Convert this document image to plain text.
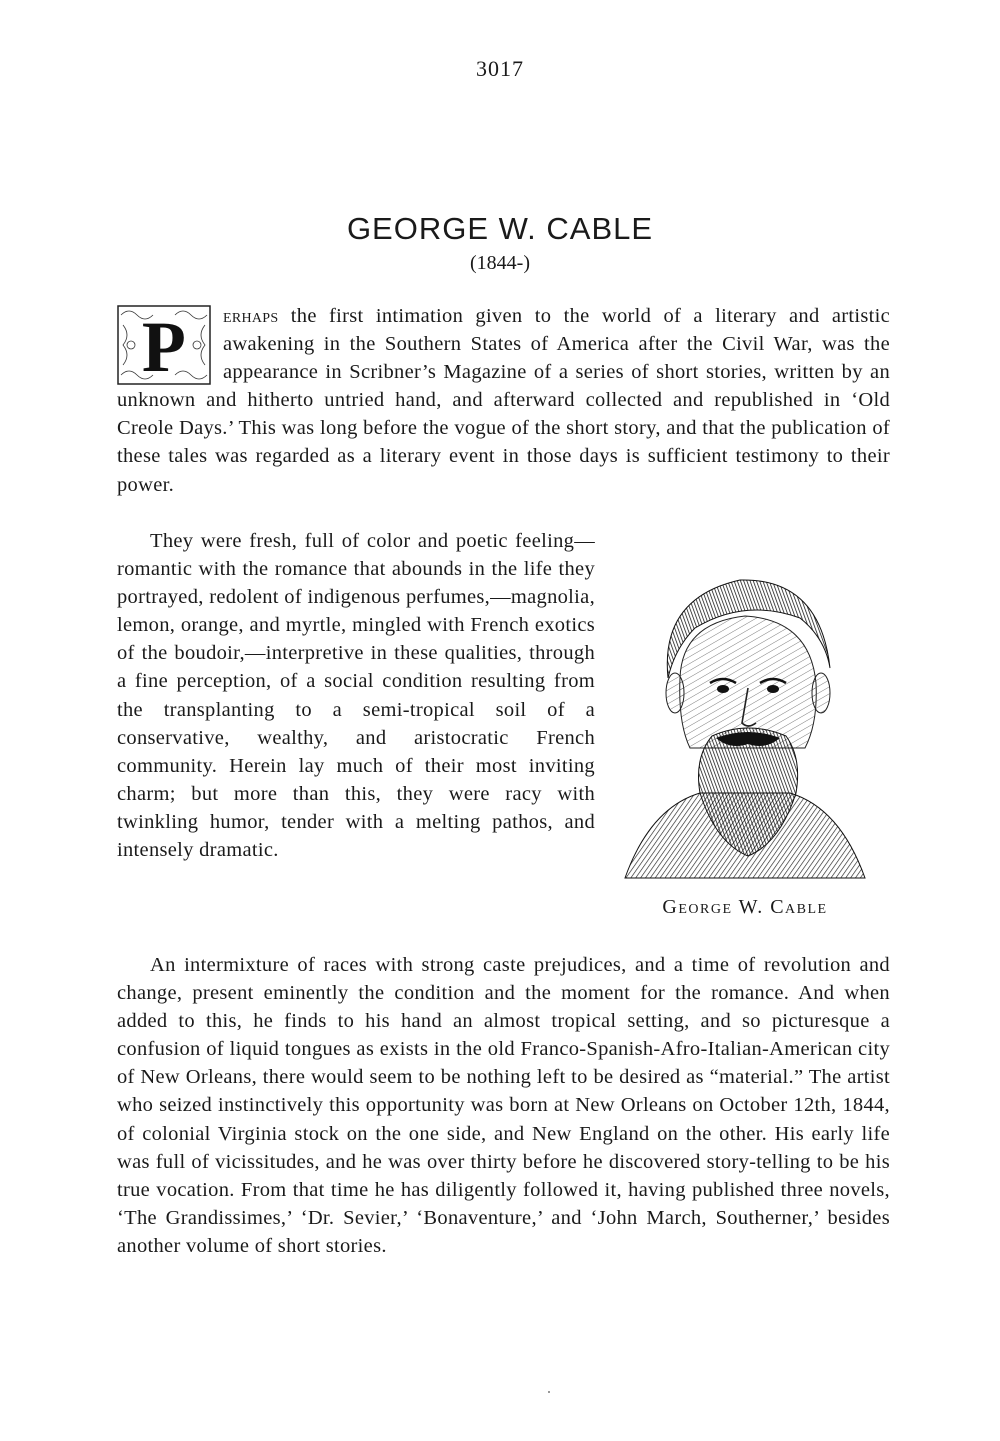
3017
GEORGE W. CABLE
(1844-)
P erhaps the first intimation given to the world of a literary and artistic awakening in the Southern States of America after the Civil War, was the appearance in Scribner’s Magazine of a series of short stories, written by an unknown and hitherto untried hand, and afterward collected and republished in ‘Old Creole Days.’ This was long before the vogue of the short story, and that the publication of these tales was regarded as a literary event in those days is sufficient testimony to their power.
They were fresh, full of color and poetic feeling—romantic with the romance that abounds in the life they portrayed, redolent of indigenous perfumes,—magnolia, lemon, orange, and myrtle, mingled with French exotics of the boudoir,—interpretive in these qualities, through a fine perception, of a social condition resulting from the transplanting to a semi-tropical soil of a conservative, wealthy, and aristocratic French community. Herein lay much of their most inviting charm; but more than this, they were racy with twinkling humor, tender with a melting pathos, and intensely dramatic.
George W. Cable
An intermixture of races with strong caste prejudices, and a time of revolution and change, present eminently the condition and the moment for the romance. And when added to this, he finds to his hand an almost tropical setting, and so picturesque a confusion of liquid tongues as exists in the old Franco-Spanish-Afro-Italian-American city of New Orleans, there would seem to be nothing left to be desired as “material.” The artist who seized instinctively this opportunity was born at New Orleans on October 12th, 1844, of colonial Virginia stock on the one side, and New England on the other. His early life was full of vicissitudes, and he was over thirty before he discovered story-telling to be his true vocation. From that time he has diligently followed it, having published three novels, ‘The Grandissimes,’ ‘Dr. Sevier,’ ‘Bonaventure,’ and ‘John March, Southerner,’ besides another volume of short stories.
